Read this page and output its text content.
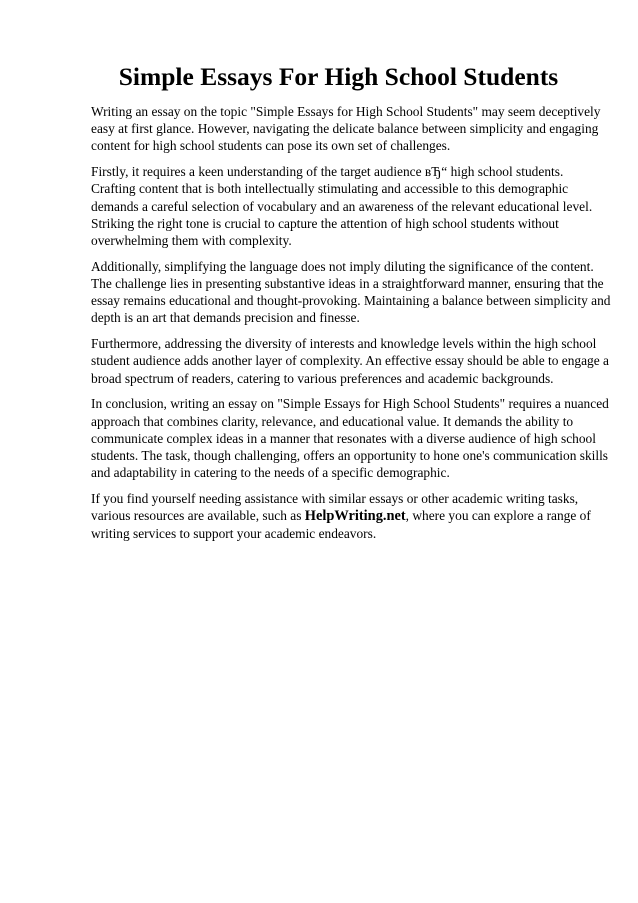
Simple Essays For High School Students

Writing an essay on the topic "Simple Essays for High School Students" may seem deceptively
easy at first glance. However, navigating the delicate balance between simplicity and engaging
content for high school students can pose its own set of challenges.

Firstly, it requires a keen understanding of the target audience вЂ“ high school students.
Crafting content that is both intellectually stimulating and accessible to this demographic
demands a careful selection of vocabulary and an awareness of the relevant educational level.
Striking the right tone is crucial to capture the attention of high school students without
overwhelming them with complexity.

Additionally, simplifying the language does not imply diluting the significance of the content.
The challenge lies in presenting substantive ideas in a straightforward manner, ensuring that the
essay remains educational and thought-provoking. Maintaining a balance between simplicity and
depth is an art that demands precision and finesse.

Furthermore, addressing the diversity of interests and knowledge levels within the high school
student audience adds another layer of complexity. An effective essay should be able to engage a
broad spectrum of readers, catering to various preferences and academic backgrounds.

In conclusion, writing an essay on "Simple Essays for High School Students" requires a nuanced
approach that combines clarity, relevance, and educational value. It demands the ability to
communicate complex ideas in a manner that resonates with a diverse audience of high school
students. The task, though challenging, offers an opportunity to hone one's communication skills
and adaptability in catering to the needs of a specific demographic.

If you find yourself needing assistance with similar essays or other academic writing tasks,
various resources are available, such as HelpWriting.net, where you can explore a range of
writing services to support your academic endeavors.
